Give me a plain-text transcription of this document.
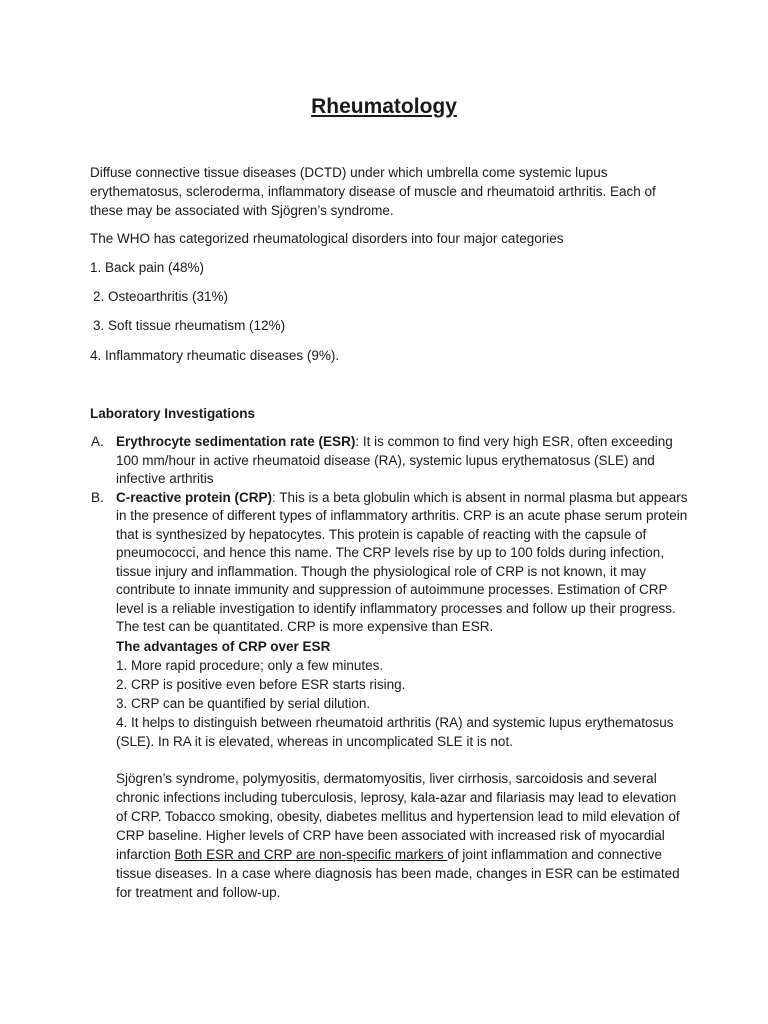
Rheumatology

Diffuse connective tissue diseases (DCTD) under which umbrella come systemic lupus erythematosus, scleroderma, inflammatory disease of muscle and rheumatoid arthritis. Each of these may be associated with Sjögren’s syndrome.

The WHO has categorized rheumatological disorders into four major categories

1. Back pain (48%)

2. Osteoarthritis (31%)

3. Soft tissue rheumatism (12%)

4. Inflammatory rheumatic diseases (9%).

Laboratory Investigations

A. Erythrocyte sedimentation rate (ESR): It is common to find very high ESR, often exceeding 100 mm/hour in active rheumatoid disease (RA), systemic lupus erythematosus (SLE) and infective arthritis
B. C-reactive protein (CRP): This is a beta globulin which is absent in normal plasma but appears in the presence of different types of inflammatory arthritis. CRP is an acute phase serum protein that is synthesized by hepatocytes. This protein is capable of reacting with the capsule of pneumococci, and hence this name. The CRP levels rise by up to 100 folds during infection, tissue injury and inflammation. Though the physiological role of CRP is not known, it may contribute to innate immunity and suppression of autoimmune processes. Estimation of CRP level is a reliable investigation to identify inflammatory processes and follow up their progress. The test can be quantitated. CRP is more expensive than ESR.
The advantages of CRP over ESR
1. More rapid procedure; only a few minutes.
2. CRP is positive even before ESR starts rising.
3. CRP can be quantified by serial dilution.
4. It helps to distinguish between rheumatoid arthritis (RA) and systemic lupus erythematosus (SLE). In RA it is elevated, whereas in uncomplicated SLE it is not.
Sjögren’s syndrome, polymyositis, dermatomyositis, liver cirrhosis, sarcoidosis and several chronic infections including tuberculosis, leprosy, kala-azar and filariasis may lead to elevation of CRP. Tobacco smoking, obesity, diabetes mellitus and hypertension lead to mild elevation of CRP baseline. Higher levels of CRP have been associated with increased risk of myocardial infarction Both ESR and CRP are non-specific markers of joint inflammation and connective tissue diseases. In a case where diagnosis has been made, changes in ESR can be estimated for treatment and follow-up.
